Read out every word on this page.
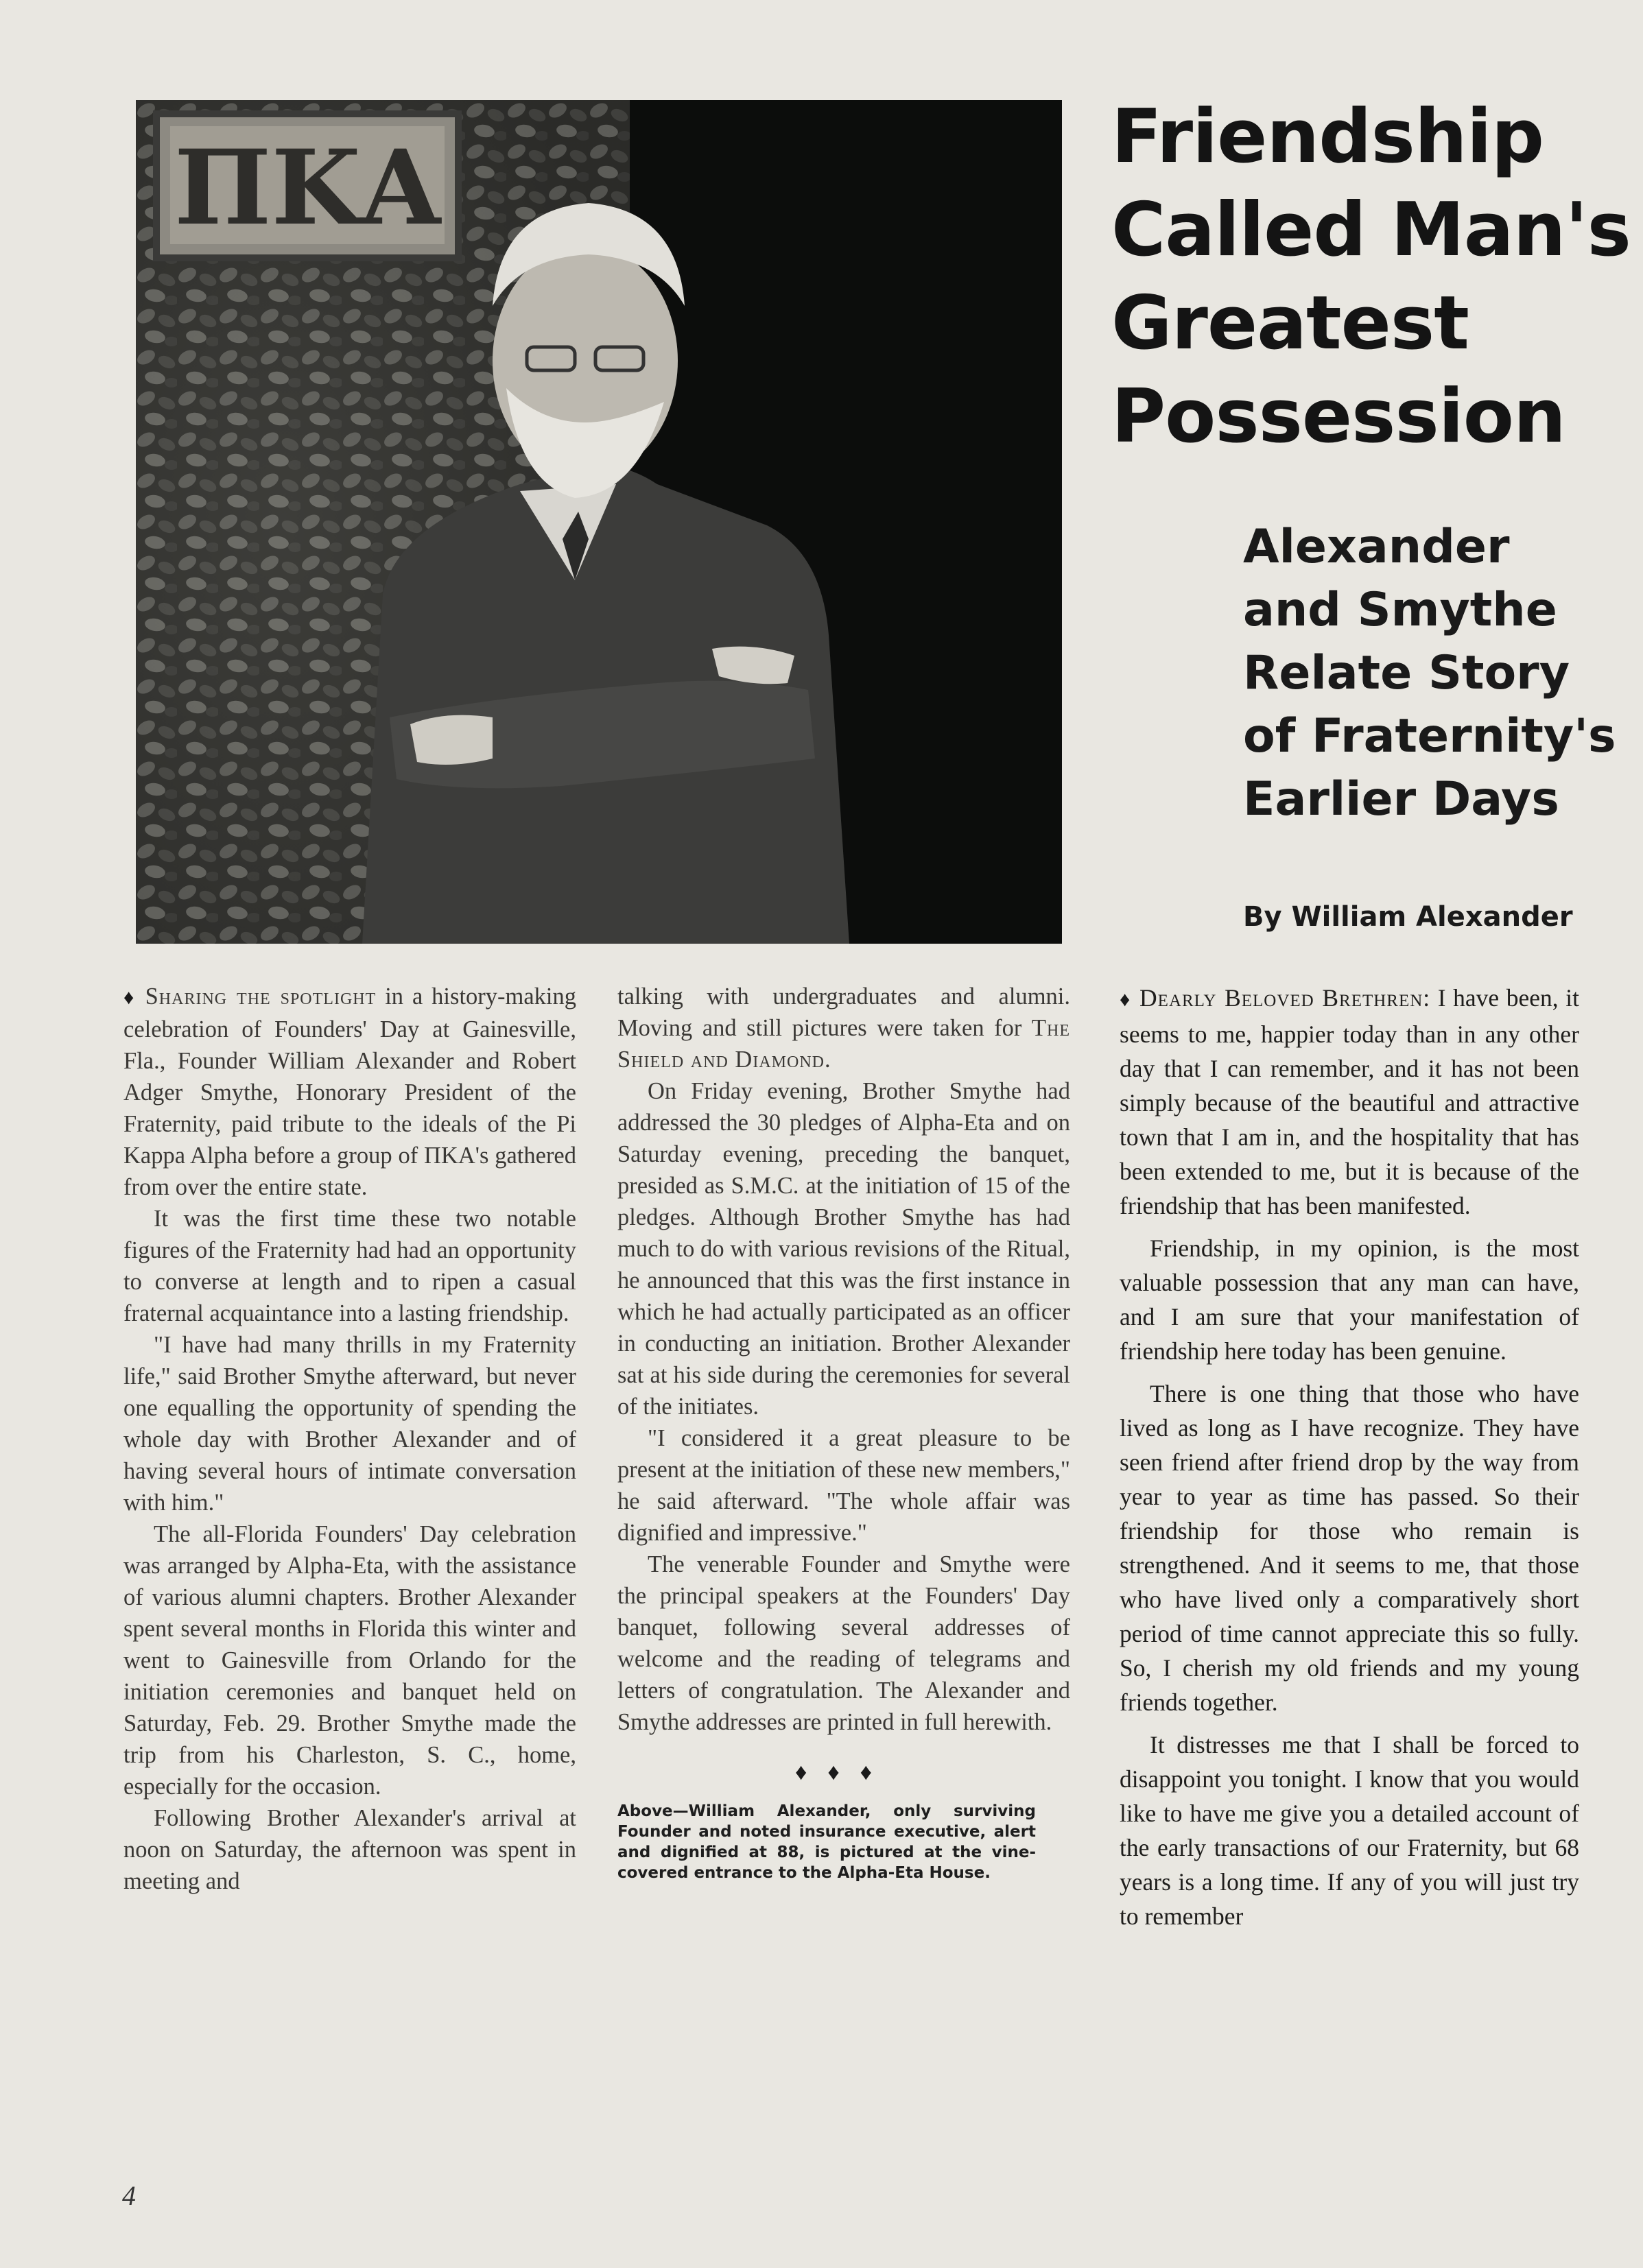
ΠΚΑ	Friendship
Called Man's
Greatest
Possession
Alexander
and Smythe
Relate Story
of Fraternity's
Earlier Days
By William Alexander

♦ Sharing the spotlight in a history-making celebration of Founders' Day at Gainesville, Fla., Founder William Alexander and Robert Adger Smythe, Honorary President of the Fraternity, paid tribute to the ideals of the Pi Kappa Alpha before a group of ΠΚΑ's gathered from over the entire state.

It was the first time these two notable figures of the Fraternity had had an opportunity to converse at length and to ripen a casual fraternal acquaintance into a lasting friendship.

"I have had many thrills in my Fraternity life," said Brother Smythe afterward, but never one equalling the opportunity of spending the whole day with Brother Alexander and of having several hours of intimate conversation with him."

The all-Florida Founders' Day celebration was arranged by Alpha-Eta, with the assistance of various alumni chapters. Brother Alexander spent several months in Florida this winter and went to Gainesville from Orlando for the initiation ceremonies and banquet held on Saturday, Feb. 29. Brother Smythe made the trip from his Charleston, S. C., home, especially for the occasion.

Following Brother Alexander's arrival at noon on Saturday, the afternoon was spent in meeting and

talking with undergraduates and alumni. Moving and still pictures were taken for The Shield and Diamond.

On Friday evening, Brother Smythe had addressed the 30 pledges of Alpha-Eta and on Saturday evening, preceding the banquet, presided as S.M.C. at the initiation of 15 of the pledges. Although Brother Smythe has had much to do with various revisions of the Ritual, he announced that this was the first instance in which he had actually participated as an officer in conducting an initiation. Brother Alexander sat at his side during the ceremonies for several of the initiates.

"I considered it a great pleasure to be present at the initiation of these new members," he said afterward. "The whole affair was dignified and impressive."

The venerable Founder and Smythe were the principal speakers at the Founders' Day banquet, following several addresses of welcome and the reading of telegrams and letters of congratulation. The Alexander and Smythe addresses are printed in full herewith.

♦♦♦
Above—William Alexander, only surviving Founder and noted insurance executive, alert and dignified at 88, is pictured at the vine-covered entrance to the Alpha-Eta House.

♦ Dearly Beloved Brethren: I have been, it seems to me, happier today than in any other day that I can remember, and it has not been simply because of the beautiful and attractive town that I am in, and the hospitality that has been extended to me, but it is because of the friendship that has been manifested.

Friendship, in my opinion, is the most valuable possession that any man can have, and I am sure that your manifestation of friendship here today has been genuine.

There is one thing that those who have lived as long as I have recognize. They have seen friend after friend drop by the way from year to year as time has passed. So their friendship for those who remain is strengthened. And it seems to me, that those who have lived only a comparatively short period of time cannot appreciate this so fully. So, I cherish my old friends and my young friends together.

It distresses me that I shall be forced to disappoint you tonight. I know that you would like to have me give you a detailed account of the early transactions of our Fraternity, but 68 years is a long time. If any of you will just try to remember

4
